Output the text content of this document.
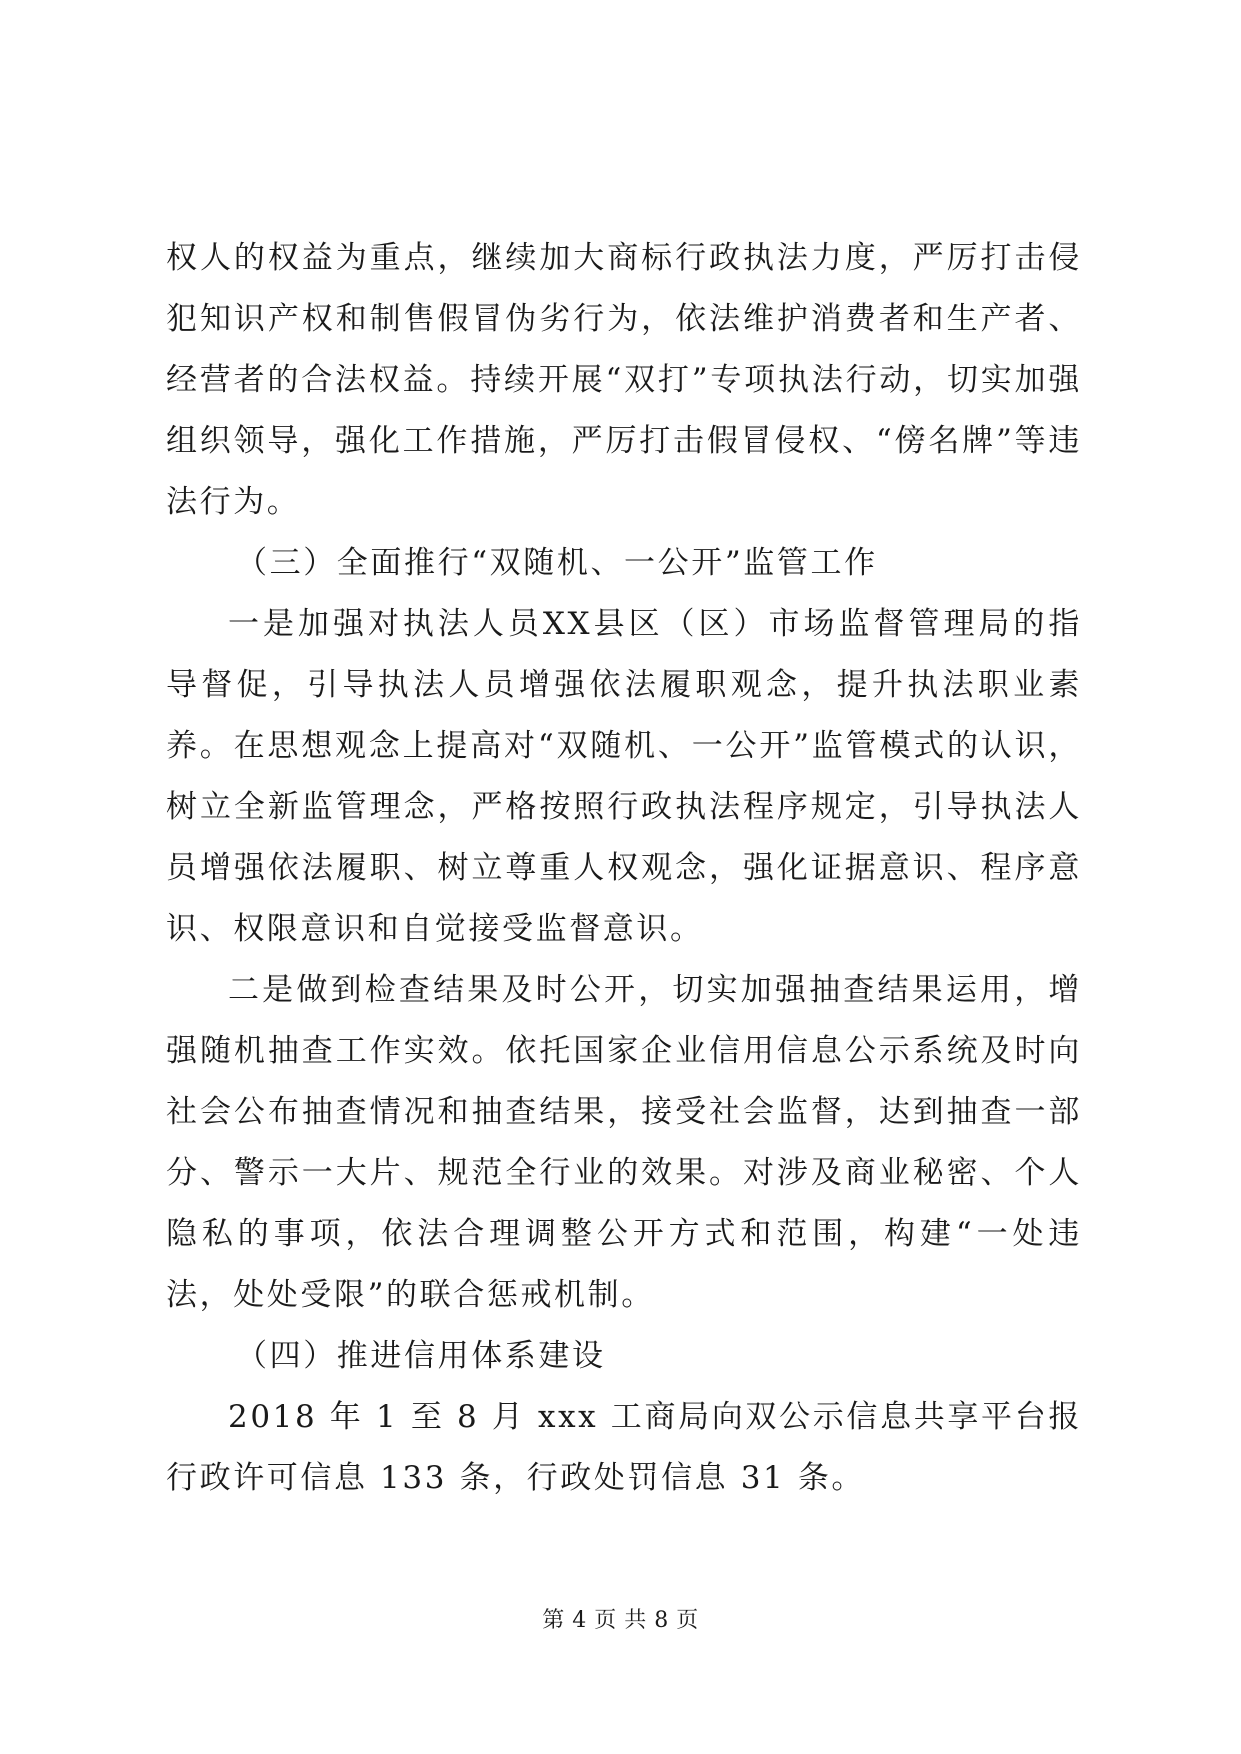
权人的权益为重点，继续加大商标行政执法力度，严厉打击侵犯知识产权和制售假冒伪劣行为，依法维护消费者和生产者、经营者的合法权益。持续开展“双打”专项执法行动，切实加强组织领导，强化工作措施，严厉打击假冒侵权、“傍名牌”等违法行为。

（三）全面推行“双随机、一公开”监管工作

一是加强对执法人员XX县区（区）市场监督管理局的指导督促，引导执法人员增强依法履职观念，提升执法职业素养。在思想观念上提高对“双随机、一公开”监管模式的认识，树立全新监管理念，严格按照行政执法程序规定，引导执法人员增强依法履职、树立尊重人权观念，强化证据意识、程序意识、权限意识和自觉接受监督意识。

二是做到检查结果及时公开，切实加强抽查结果运用，增强随机抽查工作实效。依托国家企业信用信息公示系统及时向社会公布抽查情况和抽查结果，接受社会监督，达到抽查一部分、警示一大片、规范全行业的效果。对涉及商业秘密、个人隐私的事项，依法合理调整公开方式和范围，构建“一处违法，处处受限”的联合惩戒机制。

（四）推进信用体系建设

2018 年 1 至 8 月 xxx 工商局向双公示信息共享平台报行政许可信息 133 条，行政处罚信息 31 条。

第 4 页 共 8 页
